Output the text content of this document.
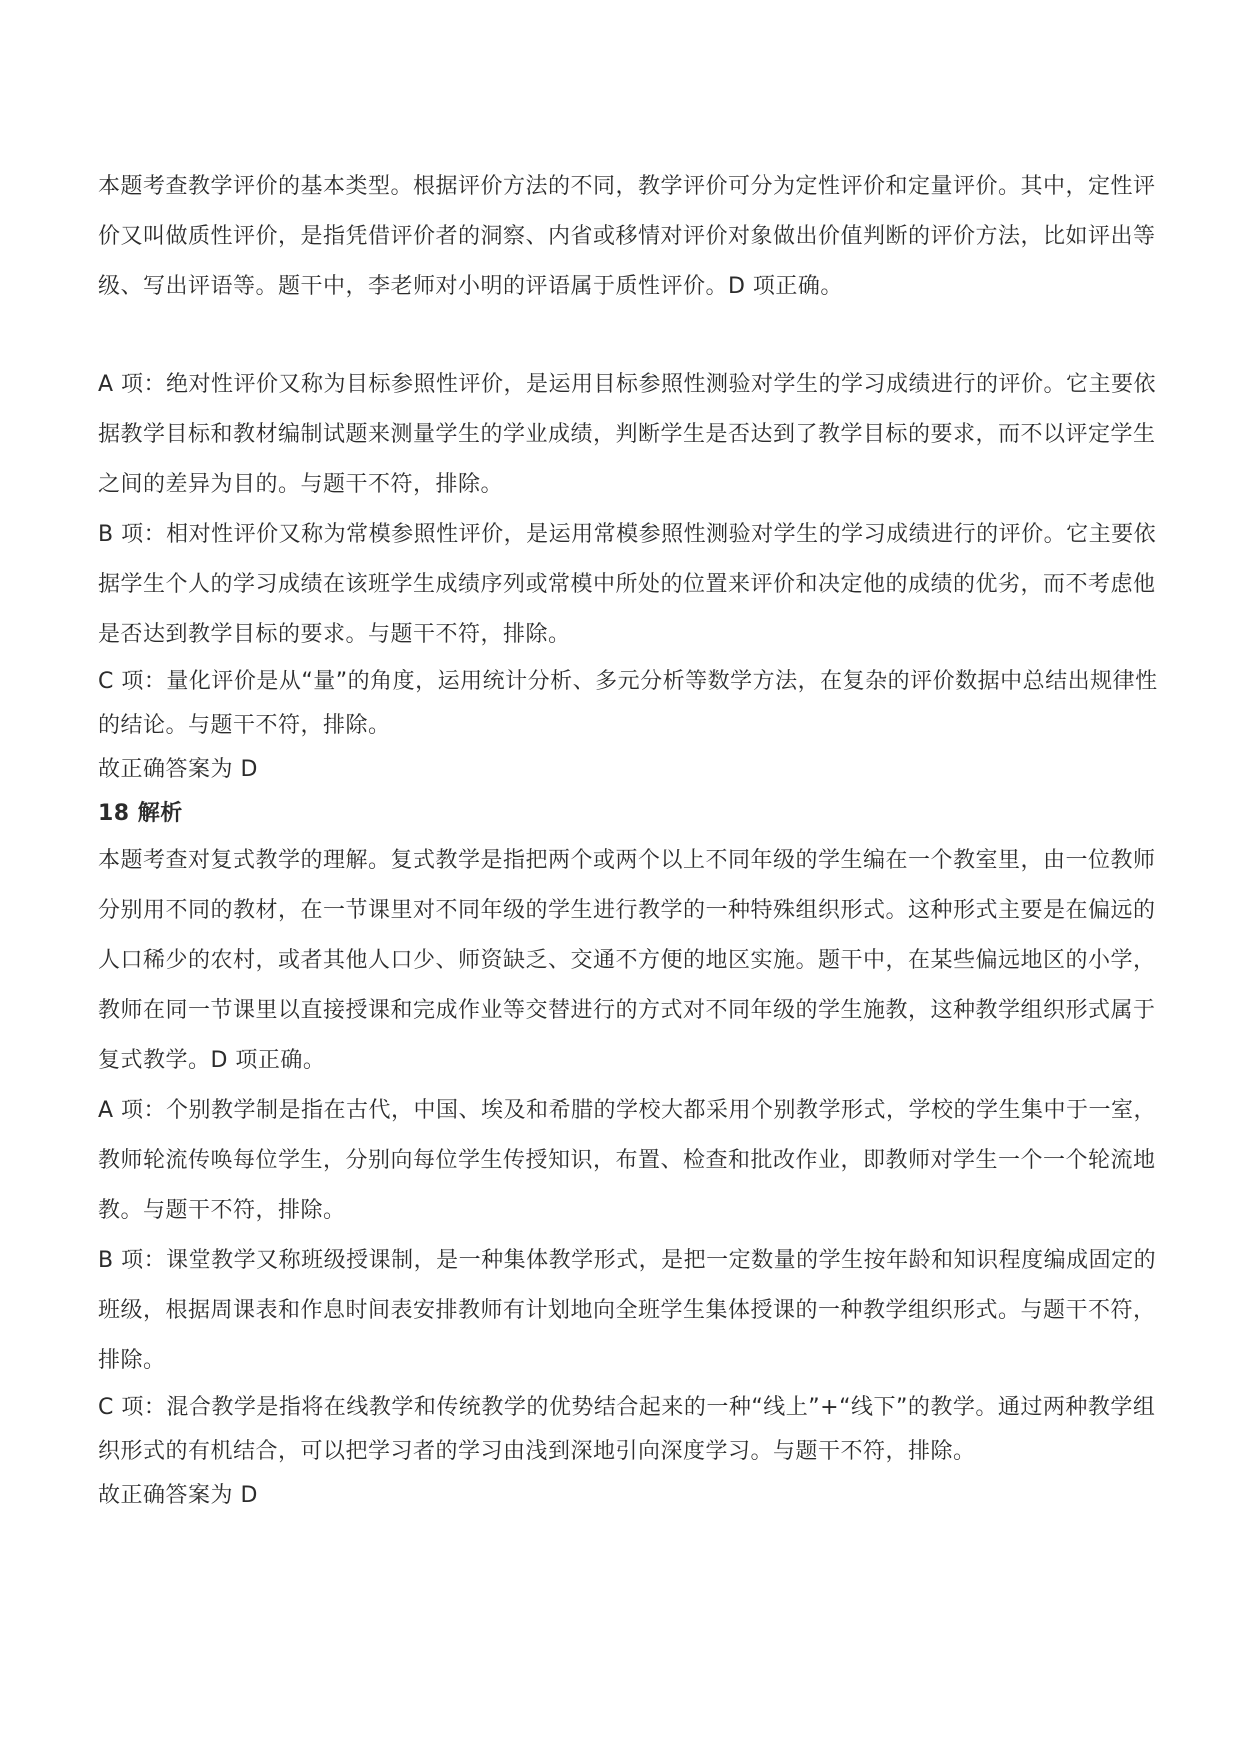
本题考查教学评价的基本类型。根据评价方法的不同，教学评价可分为定性评价和定量评价。其中，定性评价又叫做质性评价，是指凭借评价者的洞察、内省或移情对评价对象做出价值判断的评价方法，比如评出等级、写出评语等。题干中，李老师对小明的评语属于质性评价。D 项正确。

A 项：绝对性评价又称为目标参照性评价，是运用目标参照性测验对学生的学习成绩进行的评价。它主要依据教学目标和教材编制试题来测量学生的学业成绩，判断学生是否达到了教学目标的要求，而不以评定学生之间的差异为目的。与题干不符，排除。

B 项：相对性评价又称为常模参照性评价，是运用常模参照性测验对学生的学习成绩进行的评价。它主要依据学生个人的学习成绩在该班学生成绩序列或常模中所处的位置来评价和决定他的成绩的优劣，而不考虑他是否达到教学目标的要求。与题干不符，排除。

C 项：量化评价是从“量”的角度，运用统计分析、多元分析等数学方法，在复杂的评价数据中总结出规律性的结论。与题干不符，排除。

故正确答案为 D

18 解析

本题考查对复式教学的理解。复式教学是指把两个或两个以上不同年级的学生编在一个教室里，由一位教师分别用不同的教材，在一节课里对不同年级的学生进行教学的一种特殊组织形式。这种形式主要是在偏远的人口稀少的农村，或者其他人口少、师资缺乏、交通不方便的地区实施。题干中，在某些偏远地区的小学，教师在同一节课里以直接授课和完成作业等交替进行的方式对不同年级的学生施教，这种教学组织形式属于复式教学。D 项正确。

A 项：个别教学制是指在古代，中国、埃及和希腊的学校大都采用个别教学形式，学校的学生集中于一室，教师轮流传唤每位学生，分别向每位学生传授知识，布置、检查和批改作业，即教师对学生一个一个轮流地教。与题干不符，排除。

B 项：课堂教学又称班级授课制，是一种集体教学形式，是把一定数量的学生按年龄和知识程度编成固定的班级，根据周课表和作息时间表安排教师有计划地向全班学生集体授课的一种教学组织形式。与题干不符，排除。

C 项：混合教学是指将在线教学和传统教学的优势结合起来的一种“线上”+“线下”的教学。通过两种教学组织形式的有机结合，可以把学习者的学习由浅到深地引向深度学习。与题干不符，排除。

故正确答案为 D
